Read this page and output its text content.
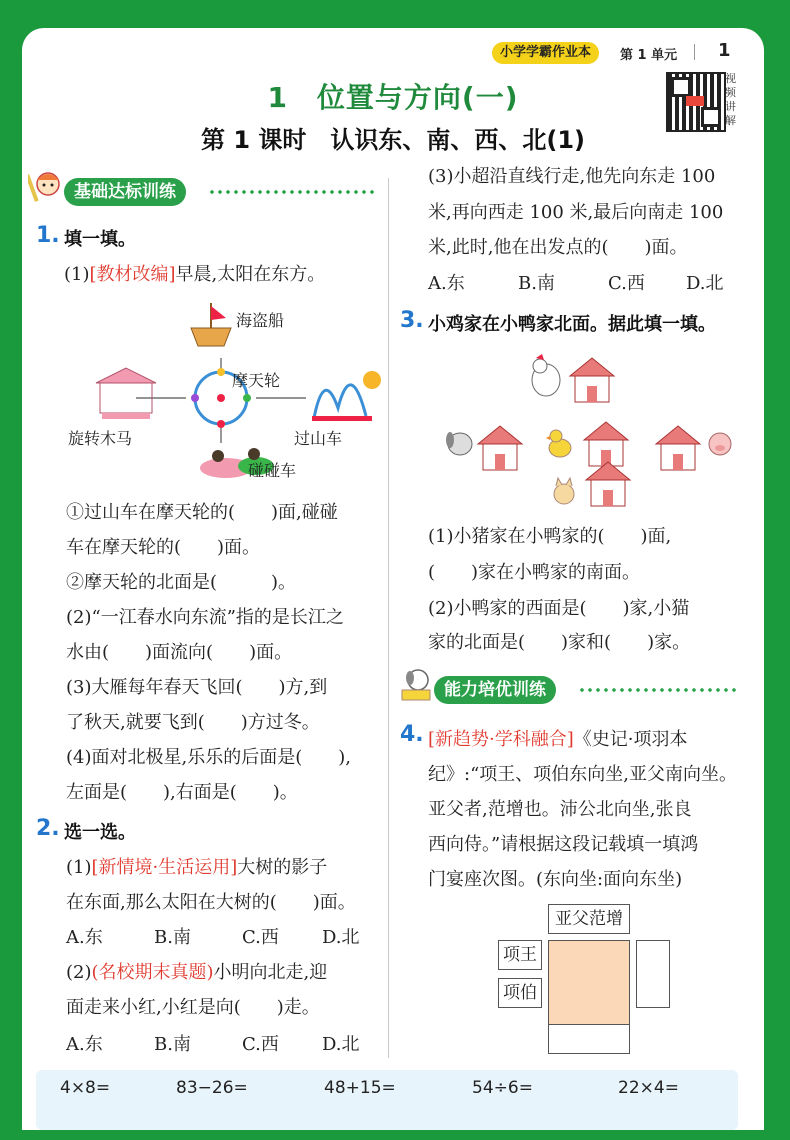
小学学霸作业本	第 1 单元 1
视频讲解
1　位置与方向(一)
第 1 课时　认识东、南、西、北(1)
基础达标训练
1. 填一填。
(1)[教材改编]早晨,太阳在东方。
海盗船
摩天轮
旋转木马	过山车
碰碰车
①过山车在摩天轮的(　　)面,碰碰
车在摩天轮的(　　)面。
②摩天轮的北面是(　　　)。
(2)“一江春水向东流”指的是长江之
水由(　　)面流向(　　)面。
(3)大雁每年春天飞回(　　)方,到
了秋天,就要飞到(　　)方过冬。
(4)面对北极星,乐乐的后面是(　　),
左面是(　　),右面是(　　)。
2. 选一选。
(1)[新情境·生活运用]大树的影子
在东面,那么太阳在大树的(　　)面。
A.东	B.南	C.西 D.北
(2)(名校期末真题)小明向北走,迎
面走来小红,小红是向(　　)走。
A.东	B.南	C.西 D.北
(3)小超沿直线行走,他先向东走 100
米,再向西走 100 米,最后向南走 100
米,此时,他在出发点的(　　)面。
A.东	B.南	C.西 D.北
3. 小鸡家在小鸭家北面。据此填一填。
(1)小猪家在小鸭家的(　　)面,
(　　)家在小鸭家的南面。
(2)小鸭家的西面是(　　)家,小猫
家的北面是(　　)家和(　　)家。
能力培优训练
4. [新趋势·学科融合]《史记·项羽本
纪》:“项王、项伯东向坐,亚父南向坐。
亚父者,范增也。沛公北向坐,张良
西向侍。”请根据这段记载填一填鸿
门宴座次图。(东向坐:面向东坐)
亚父范增
项王
项伯
4×8=	83−26=	48+15=	54÷6=	22×4=
